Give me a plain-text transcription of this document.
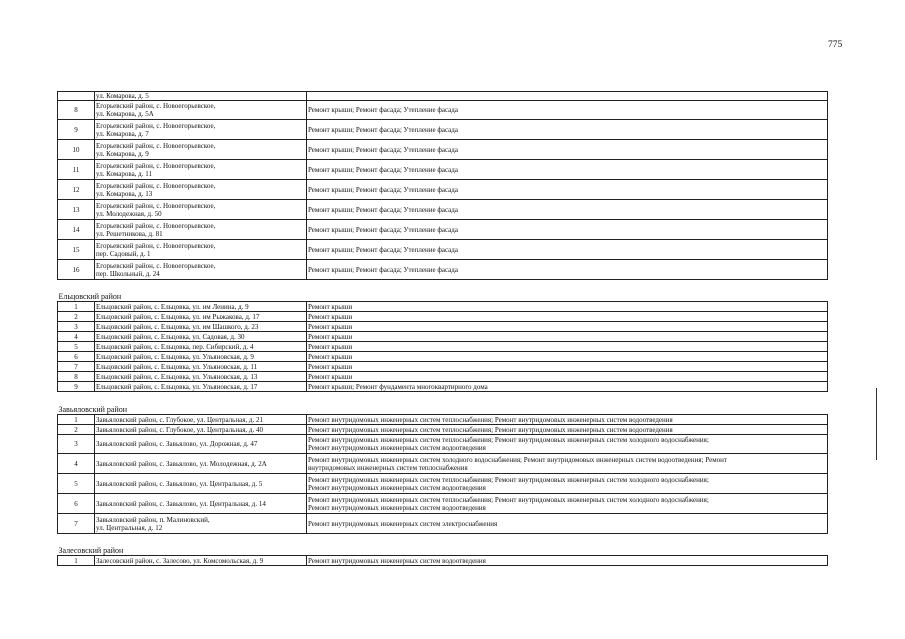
775

	ул. Комарова, д. 5	

8	Егорьевский район, с. Новоегорьевское,
ул. Комарова, д. 5А	Ремонт крыши; Ремонт фасада; Утепление фасада

9	Егорьевский район, с. Новоегорьевское,
ул. Комарова, д. 7	Ремонт крыши; Ремонт фасада; Утепление фасада

10	Егорьевский район, с. Новоегорьевское,
ул. Комарова, д. 9	Ремонт крыши; Ремонт фасада; Утепление фасада

11	Егорьевский район, с. Новоегорьевское,
ул. Комарова, д. 11	Ремонт крыши; Ремонт фасада; Утепление фасада

12	Егорьевский район, с. Новоегорьевское,
ул. Комарова, д. 13	Ремонт крыши; Ремонт фасада; Утепление фасада

13	Егорьевский район, с. Новоегорьевское,
ул. Молодежная, д. 50	Ремонт крыши; Ремонт фасада; Утепление фасада

14	Егорьевский район, с. Новоегорьевское,
ул. Решетникова, д. 81	Ремонт крыши; Ремонт фасада; Утепление фасада

15	Егорьевский район, с. Новоегорьевское,
пер. Садовый, д. 1	Ремонт крыши; Ремонт фасада; Утепление фасада

16	Егорьевский район, с. Новоегорьевское,
пер. Школьный, д. 24	Ремонт крыши; Ремонт фасада; Утепление фасада

Ельцовский район		
1	Ельцовский район, с. Ельцовка, ул. им Ленина, д. 9	Ремонт крыши

2	Ельцовский район, с. Ельцовка, ул. им Рыжакова, д. 17	Ремонт крыши

3	Ельцовский район, с. Ельцовка, ул. им Шашкого, д. 23	Ремонт крыши

4	Ельцовский район, с. Ельцовка, ул. Садовая, д. 30	Ремонт крыши

5	Ельцовский район, с. Ельцовка, пер. Сибирский, д. 4	Ремонт крыши

6	Ельцовский район, с. Ельцовка, ул. Ульяновская, д. 9	Ремонт крыши

7	Ельцовский район, с. Ельцовка, ул. Ульяновская, д. 11	Ремонт крыши

8	Ельцовский район, с. Ельцовка, ул. Ульяновская, д. 13	Ремонт крыши

9	Ельцовский район, с. Ельцовка, ул. Ульяновская, д. 17	Ремонт крыши; Ремонт фундамента многоквартирного дома

Завьяловский район		
1	Завьяловский район, с. Глубокое, ул. Центральная, д. 21	Ремонт внутридомовых инженерных систем теплоснабжения; Ремонт внутридомовых инженерных систем водоотведения

2	Завьяловский район, с. Глубокое, ул. Центральная, д. 40	Ремонт внутридомовых инженерных систем теплоснабжения; Ремонт внутридомовых инженерных систем водоотведения

3	Завьяловский район, с. Завьялово, ул. Дорожная, д. 47	Ремонт внутридомовых инженерных систем теплоснабжения; Ремонт внутридомовых инженерных систем холодного водоснабжения;
Ремонт внутридомовых инженерных систем водоотведения

4	Завьяловский район, с. Завьялово, ул. Молодежная, д. 2А	Ремонт внутридомовых инженерных систем холодного водоснабжения; Ремонт внутридомовых инженерных систем водоотведения; Ремонт
внутридомовых инженерных систем теплоснабжения

5	Завьяловский район, с. Завьялово, ул. Центральная, д. 5	Ремонт внутридомовых инженерных систем теплоснабжения; Ремонт внутридомовых инженерных систем холодного водоснабжения;
Ремонт внутридомовых инженерных систем водоотведения

6	Завьяловский район, с. Завьялово, ул. Центральная, д. 14	Ремонт внутридомовых инженерных систем теплоснабжения; Ремонт внутридомовых инженерных систем холодного водоснабжения;
Ремонт внутридомовых инженерных систем водоотведения

7	Завьяловский район, п. Малиновский,
ул. Центральная, д. 12	Ремонт внутридомовых инженерных систем электроснабжения

Залесовский район		
1	Залесовский район, с. Залесово, ул. Комсомольская, д. 9	Ремонт внутридомовых инженерных систем водоотведения
